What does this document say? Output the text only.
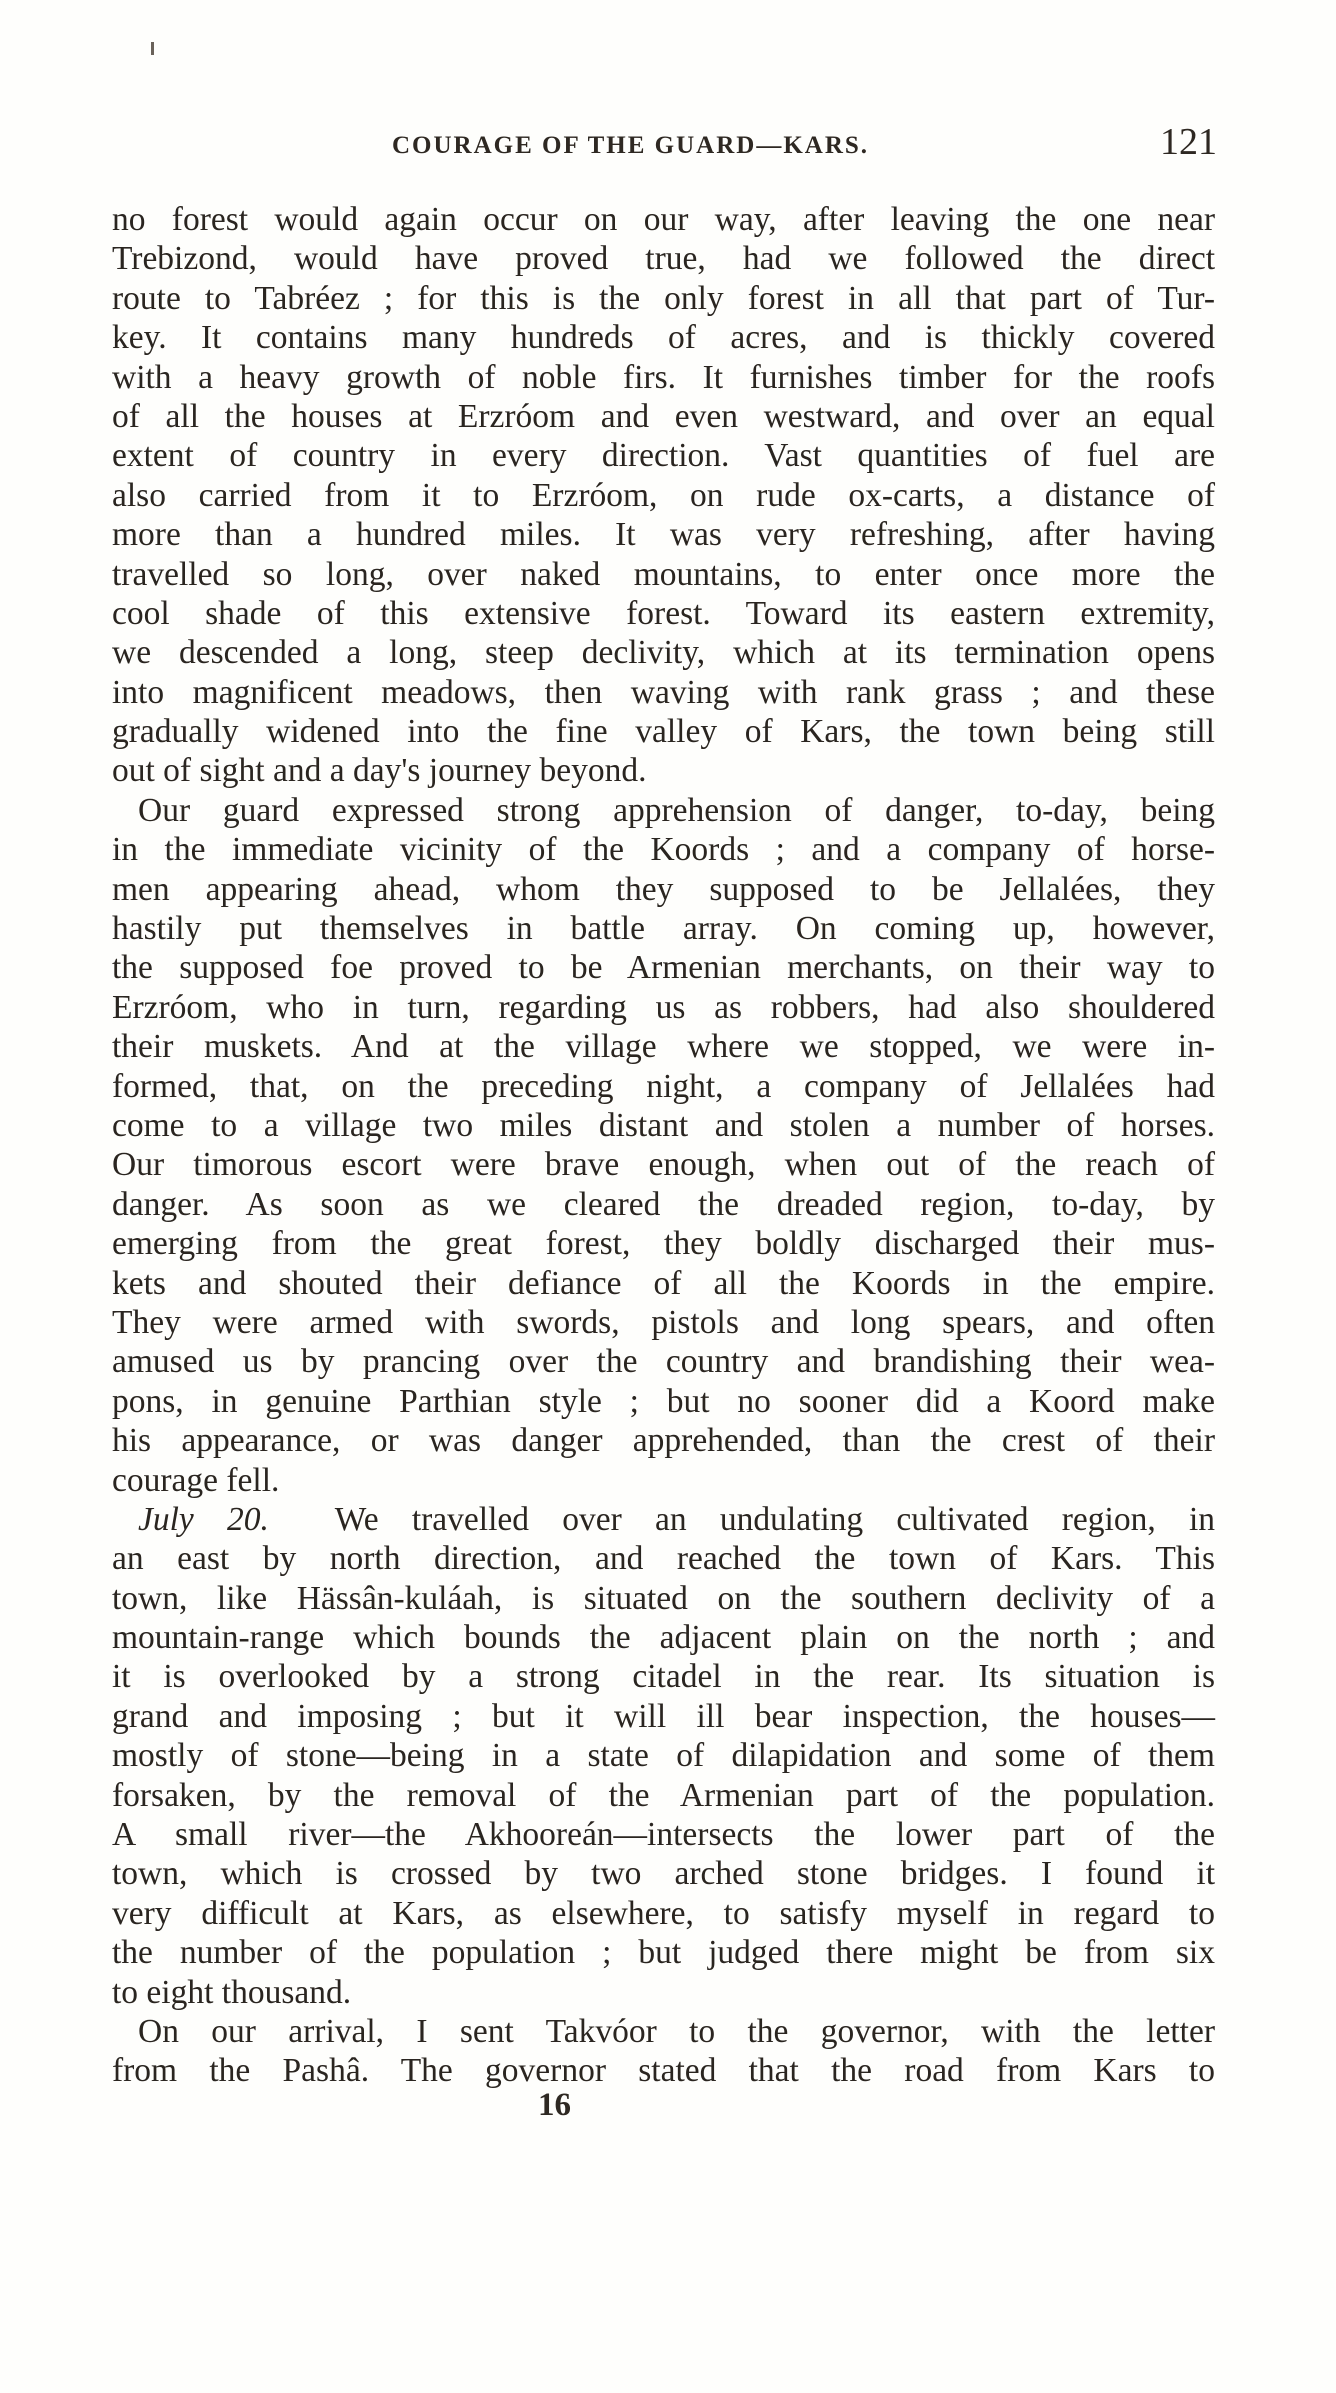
COURAGE OF THE GUARD—KARS.	121
no forest would again occur on our way, after leaving the one near
Trebizond, would have proved true, had we followed the direct
route to Tabréez ; for this is the only forest in all that part of Tur-
key. It contains many hundreds of acres, and is thickly covered
with a heavy growth of noble firs. It furnishes timber for the roofs
of all the houses at Erzróom and even westward, and over an equal
extent of country in every direction. Vast quantities of fuel are
also carried from it to Erzróom, on rude ox-carts, a distance of
more than a hundred miles. It was very refreshing, after having
travelled so long, over naked mountains, to enter once more the
cool shade of this extensive forest. Toward its eastern extremity,
we descended a long, steep declivity, which at its termination opens
into magnificent meadows, then waving with rank grass ; and these
gradually widened into the fine valley of Kars, the town being still
out of sight and a day's journey beyond.
Our guard expressed strong apprehension of danger, to-day, being
in the immediate vicinity of the Koords ; and a company of horse-
men appearing ahead, whom they supposed to be Jellalées, they
hastily put themselves in battle array. On coming up, however,
the supposed foe proved to be Armenian merchants, on their way to
Erzróom, who in turn, regarding us as robbers, had also shouldered
their muskets. And at the village where we stopped, we were in-
formed, that, on the preceding night, a company of Jellalées had
come to a village two miles distant and stolen a number of horses.
Our timorous escort were brave enough, when out of the reach of
danger. As soon as we cleared the dreaded region, to-day, by
emerging from the great forest, they boldly discharged their mus-
kets and shouted their defiance of all the Koords in the empire.
They were armed with swords, pistols and long spears, and often
amused us by prancing over the country and brandishing their wea-
pons, in genuine Parthian style ; but no sooner did a Koord make
his appearance, or was danger apprehended, than the crest of their
courage fell.
July 20. We travelled over an undulating cultivated region, in
an east by north direction, and reached the town of Kars. This
town, like Hässân-kuláah, is situated on the southern declivity of a
mountain-range which bounds the adjacent plain on the north ; and
it is overlooked by a strong citadel in the rear. Its situation is
grand and imposing ; but it will ill bear inspection, the houses—
mostly of stone—being in a state of dilapidation and some of them
forsaken, by the removal of the Armenian part of the population.
A small river—the Akhooreán—intersects the lower part of the
town, which is crossed by two arched stone bridges. I found it
very difficult at Kars, as elsewhere, to satisfy myself in regard to
the number of the population ; but judged there might be from six
to eight thousand.
On our arrival, I sent Takvóor to the governor, with the letter
from the Pashâ. The governor stated that the road from Kars to
16
